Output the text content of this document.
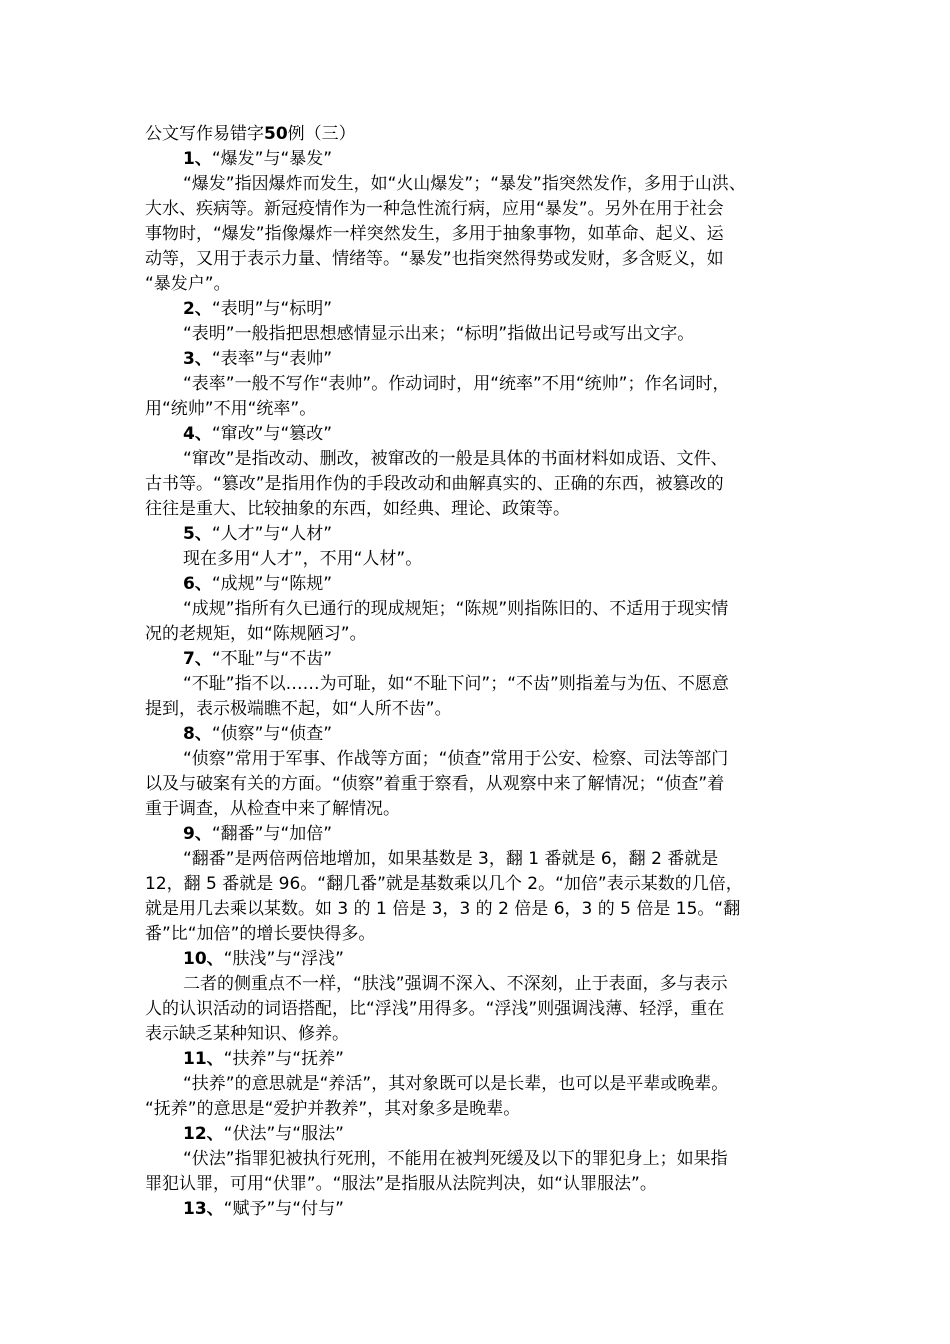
公文写作易错字50例（三）
1、“爆发”与“暴发”
“爆发”指因爆炸而发生，如“火山爆发”；“暴发”指突然发作，多用于山洪、
大水、疾病等。新冠疫情作为一种急性流行病，应用“暴发”。另外在用于社会
事物时，“爆发”指像爆炸一样突然发生，多用于抽象事物，如革命、起义、运
动等，又用于表示力量、情绪等。“暴发”也指突然得势或发财，多含贬义，如
“暴发户”。
2、“表明”与“标明”
“表明”一般指把思想感情显示出来；“标明”指做出记号或写出文字。
3、“表率”与“表帅”
“表率”一般不写作“表帅”。作动词时，用“统率”不用“统帅”；作名词时，
用“统帅”不用“统率”。
4、“窜改”与“篡改”
“窜改”是指改动、删改，被窜改的一般是具体的书面材料如成语、文件、
古书等。“篡改”是指用作伪的手段改动和曲解真实的、正确的东西，被篡改的
往往是重大、比较抽象的东西，如经典、理论、政策等。
5、“人才”与“人材”
现在多用“人才”，不用“人材”。
6、“成规”与“陈规”
“成规”指所有久已通行的现成规矩；“陈规”则指陈旧的、不适用于现实情
况的老规矩，如“陈规陋习”。
7、“不耻”与“不齿”
“不耻”指不以……为可耻，如“不耻下问”；“不齿”则指羞与为伍、不愿意
提到，表示极端瞧不起，如“人所不齿”。
8、“侦察”与“侦查”
“侦察”常用于军事、作战等方面；“侦查”常用于公安、检察、司法等部门
以及与破案有关的方面。“侦察”着重于察看，从观察中来了解情况；“侦查”着
重于调查，从检查中来了解情况。
9、“翻番”与“加倍”
“翻番”是两倍两倍地增加，如果基数是 3，翻 1 番就是 6，翻 2 番就是
12，翻 5 番就是 96。“翻几番”就是基数乘以几个 2。“加倍”表示某数的几倍，
就是用几去乘以某数。如 3 的 1 倍是 3，3 的 2 倍是 6，3 的 5 倍是 15。“翻
番”比“加倍”的增长要快得多。
10、“肤浅”与“浮浅”
二者的侧重点不一样，“肤浅”强调不深入、不深刻，止于表面，多与表示
人的认识活动的词语搭配，比“浮浅”用得多。“浮浅”则强调浅薄、轻浮，重在
表示缺乏某种知识、修养。
11、“扶养”与“抚养”
“扶养”的意思就是“养活”，其对象既可以是长辈，也可以是平辈或晚辈。
“抚养”的意思是“爱护并教养”，其对象多是晚辈。
12、“伏法”与“服法”
“伏法”指罪犯被执行死刑，不能用在被判死缓及以下的罪犯身上；如果指
罪犯认罪，可用“伏罪”。“服法”是指服从法院判决，如“认罪服法”。
13、“赋予”与“付与”
